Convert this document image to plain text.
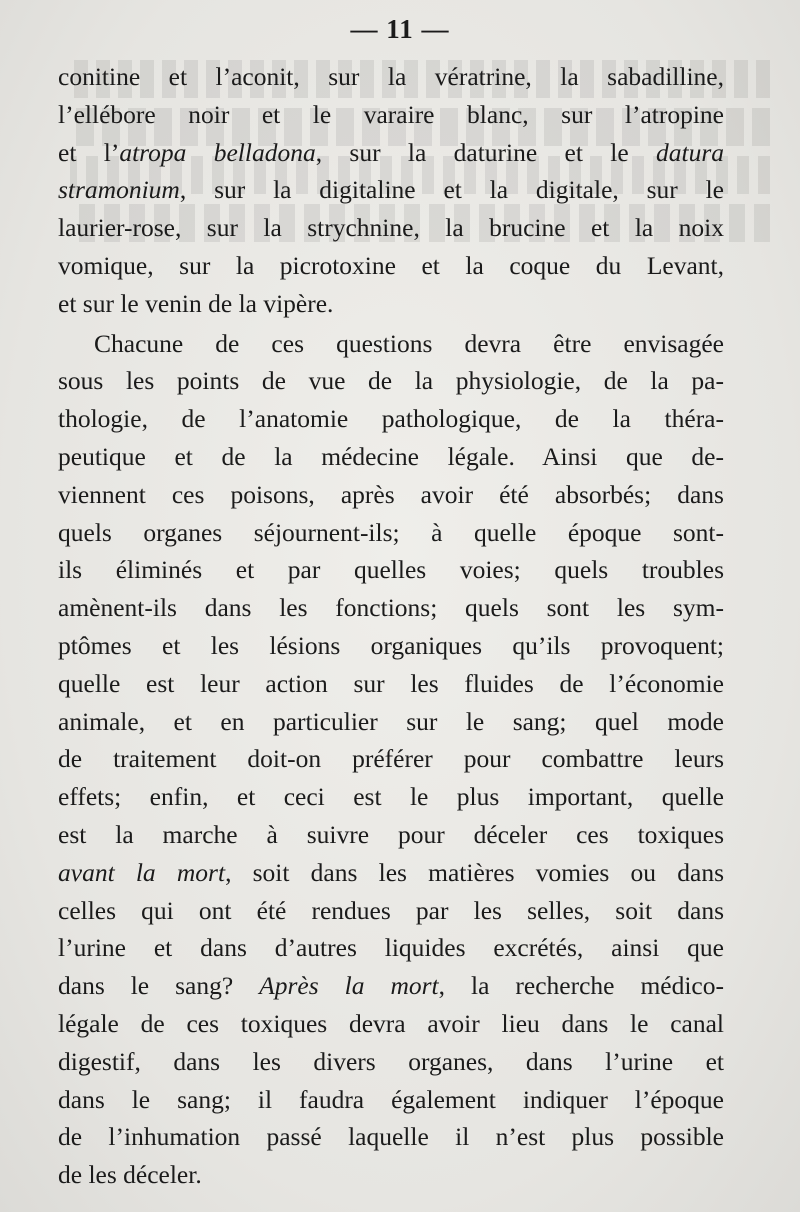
— 11 —
conitine et l’aconit, sur la vératrine, la sabadilline,
l’ellébore noir et le varaire blanc, sur l’atropine
et l’atropa belladona, sur la daturine et le datura
stramonium, sur la digitaline et la digitale, sur le
laurier-rose, sur la strychnine, la brucine et la noix
vomique, sur la picrotoxine et la coque du Levant,
et sur le venin de la vipère.
Chacune de ces questions devra être envisagée
sous les points de vue de la physiologie, de la pa-
thologie, de l’anatomie pathologique, de la théra-
peutique et de la médecine légale. Ainsi que de-
viennent ces poisons, après avoir été absorbés; dans
quels organes séjournent-ils; à quelle époque sont-
ils éliminés et par quelles voies; quels troubles
amènent-ils dans les fonctions; quels sont les sym-
ptômes et les lésions organiques qu’ils provoquent;
quelle est leur action sur les fluides de l’économie
animale, et en particulier sur le sang; quel mode
de traitement doit-on préférer pour combattre leurs
effets; enfin, et ceci est le plus important, quelle
est la marche à suivre pour déceler ces toxiques
avant la mort, soit dans les matières vomies ou dans
celles qui ont été rendues par les selles, soit dans
l’urine et dans d’autres liquides excrétés, ainsi que
dans le sang? Après la mort, la recherche médico-
légale de ces toxiques devra avoir lieu dans le canal
digestif, dans les divers organes, dans l’urine et
dans le sang; il faudra également indiquer l’époque
de l’inhumation passé laquelle il n’est plus possible
de les déceler.
